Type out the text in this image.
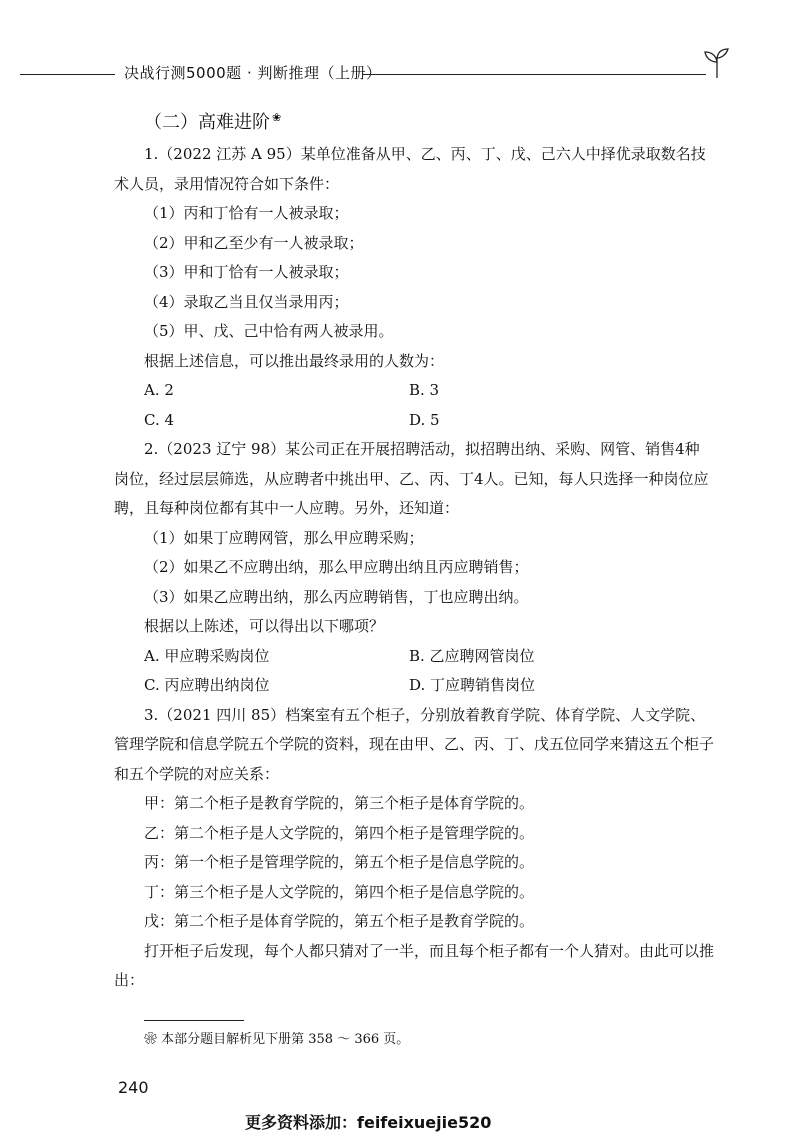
决战行测5000题 · 判断推理（上册）
（二）高难进阶 ❀

1.（2022 江苏 A 95）某单位准备从甲、乙、丙、丁、戊、己六人中择优录取数名技术人员，录用情况符合如下条件：

（1）丙和丁恰有一人被录取；

（2）甲和乙至少有一人被录取；

（3）甲和丁恰有一人被录取；

（4）录取乙当且仅当录用丙；

（5）甲、戊、己中恰有两人被录用。

根据上述信息，可以推出最终录用的人数为：

A. 2	B. 3
C. 4	D. 5

2.（2023 辽宁 98）某公司正在开展招聘活动，拟招聘出纳、采购、网管、销售4种岗位，经过层层筛选，从应聘者中挑出甲、乙、丙、丁4人。已知，每人只选择一种岗位应聘，且每种岗位都有其中一人应聘。另外，还知道：

（1）如果丁应聘网管，那么甲应聘采购；

（2）如果乙不应聘出纳，那么甲应聘出纳且丙应聘销售；

（3）如果乙应聘出纳，那么丙应聘销售，丁也应聘出纳。

根据以上陈述，可以得出以下哪项？

A. 甲应聘采购岗位	B. 乙应聘网管岗位
C. 丙应聘出纳岗位	D. 丁应聘销售岗位

3.（2021 四川 85）档案室有五个柜子，分别放着教育学院、体育学院、人文学院、管理学院和信息学院五个学院的资料，现在由甲、乙、丙、丁、戊五位同学来猜这五个柜子和五个学院的对应关系：

甲：第二个柜子是教育学院的，第三个柜子是体育学院的。

乙：第二个柜子是人文学院的，第四个柜子是管理学院的。

丙：第一个柜子是管理学院的，第五个柜子是信息学院的。

丁：第三个柜子是人文学院的，第四个柜子是信息学院的。

戊：第二个柜子是体育学院的，第五个柜子是教育学院的。

打开柜子后发现，每个人都只猜对了一半，而且每个柜子都有一个人猜对。由此可以推出：

❀ 本部分题目解析见下册第 358 ～ 366 页。
240
更多资料添加：feifeixuejie520
